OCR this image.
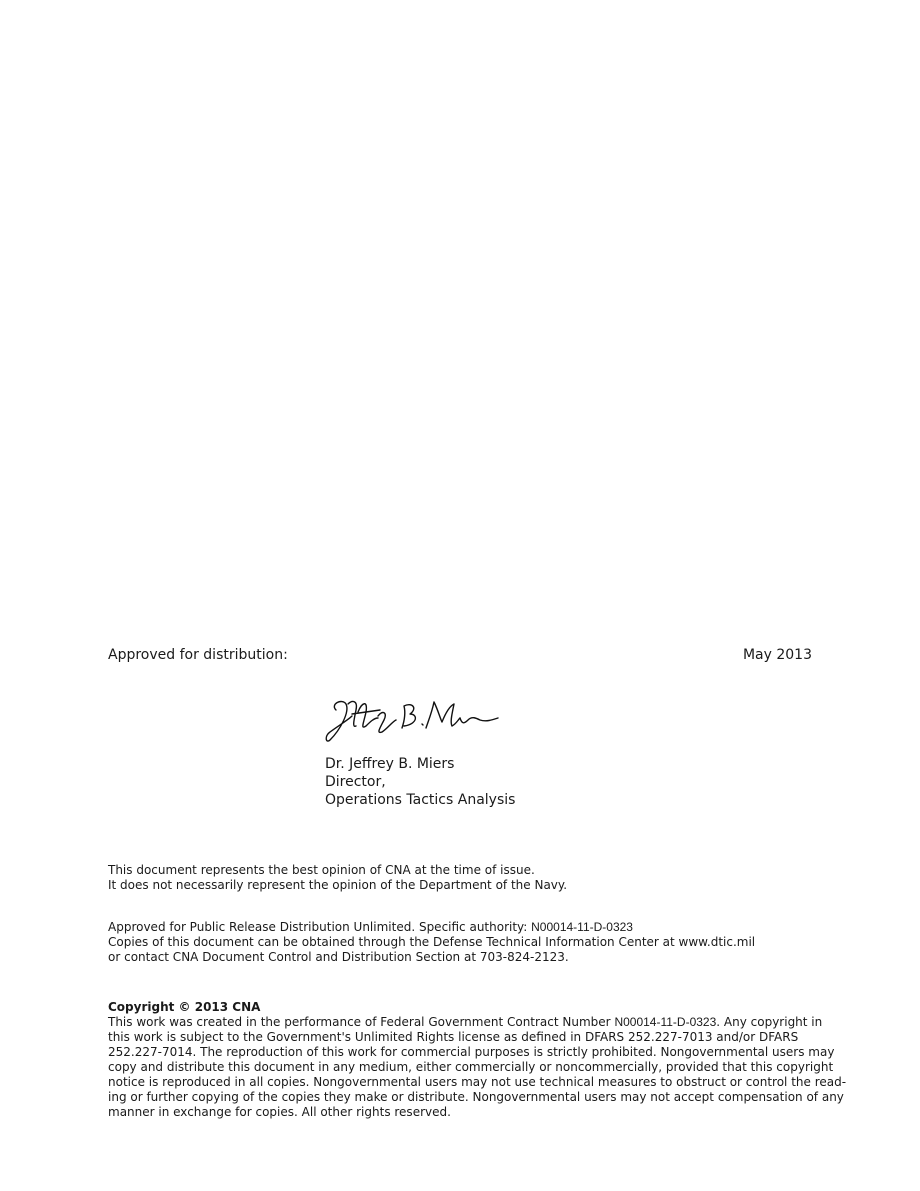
Approved for distribution:	May 2013
Dr. Jeffrey B. Miers
Director,
Operations Tactics Analysis
This document represents the best opinion of CNA at the time of issue.
It does not necessarily represent the opinion of the Department of the Navy.
Approved for Public Release Distribution Unlimited. Specific authority: N00014-11-D-0323
Copies of this document can be obtained through the Defense Technical Information Center at www.dtic.mil
or contact CNA Document Control and Distribution Section at 703-824-2123.
Copyright © 2013 CNA
This work was created in the performance of Federal Government Contract Number N00014-11-D-0323. Any copyright in
this work is subject to the Government's Unlimited Rights license as defined in DFARS 252.227-7013 and/or DFARS
252.227-7014. The reproduction of this work for commercial purposes is strictly prohibited. Nongovernmental users may
copy and distribute this document in any medium, either commercially or noncommercially, provided that this copyright
notice is reproduced in all copies. Nongovernmental users may not use technical measures to obstruct or control the read-
ing or further copying of the copies they make or distribute. Nongovernmental users may not accept compensation of any
manner in exchange for copies. All other rights reserved.
